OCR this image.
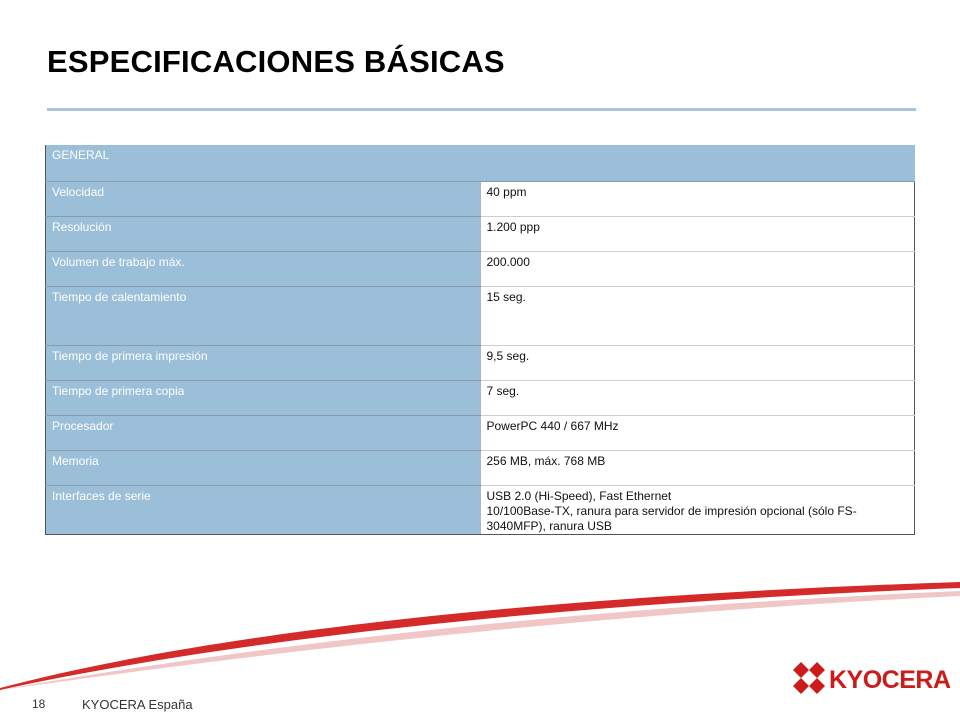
ESPECIFICACIONES BÁSICAS
GENERAL	
Velocidad	40 ppm
Resolución	1.200 ppp
Volumen de trabajo máx.	200.000
Tiempo de calentamiento	15 seg.
Tiempo de primera impresión	9,5 seg.
Tiempo de primera copia	7 seg.
Procesador	PowerPC 440 / 667 MHz
Memoria	256 MB, máx. 768 MB
Interfaces de serie	USB 2.0 (Hi-Speed), Fast Ethernet
10/100Base-TX, ranura para servidor de impresión opcional (sólo FS-
3040MFP), ranura USB
KYOCERA
18	KYOCERA España
